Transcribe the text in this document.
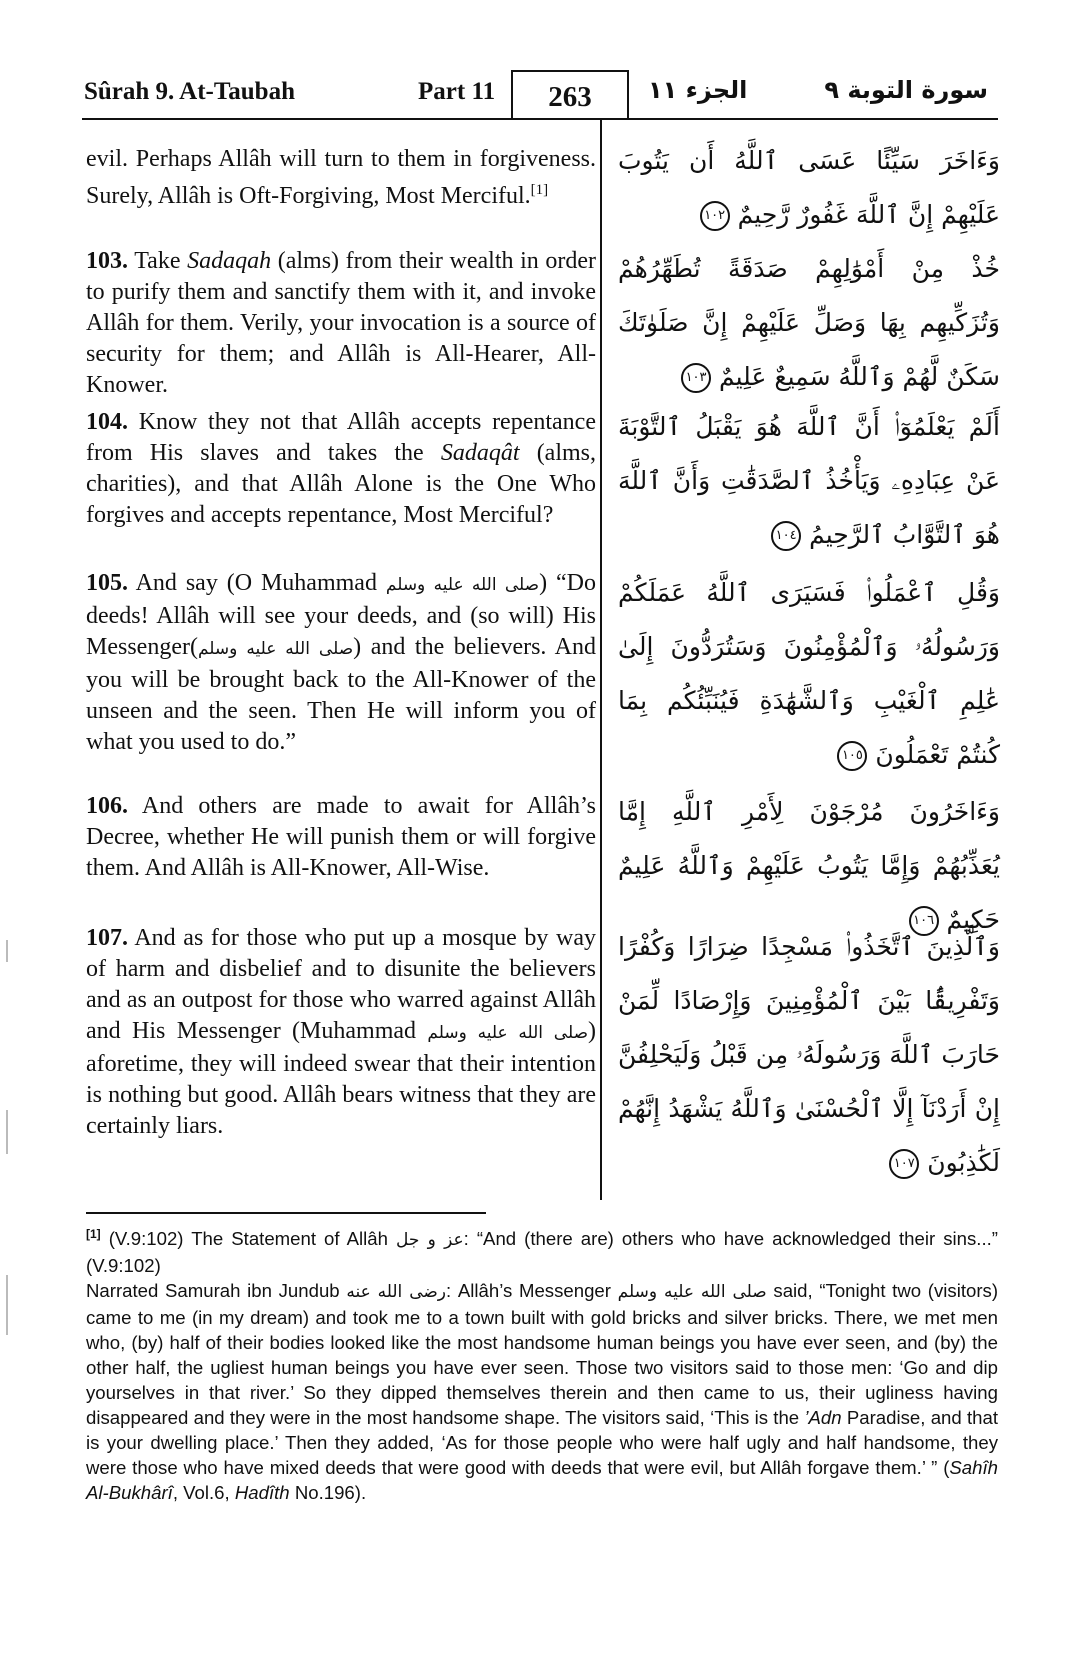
Sûrah 9. At-Taubah	Part 11	263	الجزء ١١	سورة التوبة ٩
evil. Perhaps Allâh will turn to them in forgiveness. Surely, Allâh is Oft-Forgiving, Most Merciful.[1]
103. Take Sadaqah (alms) from their wealth in order to purify them and sanctify them with it, and invoke Allâh for them. Verily, your invocation is a source of security for them; and Allâh is All-Hearer, All-Knower.
104. Know they not that Allâh accepts repentance from His slaves and takes the Sadaqât (alms, charities), and that Allâh Alone is the One Who forgives and accepts repentance, Most Merciful?
105. And say (O Muhammad صلى الله عليه وسلم) “Do deeds! Allâh will see your deeds, and (so will) His Messenger(صلى الله عليه وسلم) and the believers. And you will be brought back to the All-Knower of the unseen and the seen. Then He will inform you of what you used to do.”
106. And others are made to await for Allâh’s Decree, whether He will punish them or will forgive them. And Allâh is All-Knower, All-Wise.
107. And as for those who put up a mosque by way of harm and disbelief and to disunite the believers and as an outpost for those who warred against Allâh and His Messenger (Muhammad صلى الله عليه وسلم) aforetime, they will indeed swear that their intention is nothing but good. Allâh bears witness that they are certainly liars.
وَءَاخَرَ سَيِّئًا عَسَى ٱللَّهُ أَن يَتُوبَ عَلَيْهِمْ إِنَّ ٱللَّهَ غَفُورٌ رَّحِيمٌ ١٠٢
خُذْ مِنْ أَمْوَٰلِهِمْ صَدَقَةً تُطَهِّرُهُمْ وَتُزَكِّيهِم بِهَا وَصَلِّ عَلَيْهِمْ إِنَّ صَلَوٰتَكَ سَكَنٌ لَّهُمْ وَٱللَّهُ سَمِيعٌ عَلِيمٌ ١٠٣
أَلَمْ يَعْلَمُوٓا۟ أَنَّ ٱللَّهَ هُوَ يَقْبَلُ ٱلتَّوْبَةَ عَنْ عِبَادِهِۦ وَيَأْخُذُ ٱلصَّدَقَٰتِ وَأَنَّ ٱللَّهَ هُوَ ٱلتَّوَّابُ ٱلرَّحِيمُ ١٠٤
وَقُلِ ٱعْمَلُوا۟ فَسَيَرَى ٱللَّهُ عَمَلَكُمْ وَرَسُولُهُۥ وَٱلْمُؤْمِنُونَ وَسَتُرَدُّونَ إِلَىٰ عَٰلِمِ ٱلْغَيْبِ وَٱلشَّهَٰدَةِ فَيُنَبِّئُكُم بِمَا كُنتُمْ تَعْمَلُونَ ١٠٥
وَءَاخَرُونَ مُرْجَوْنَ لِأَمْرِ ٱللَّهِ إِمَّا يُعَذِّبُهُمْ وَإِمَّا يَتُوبُ عَلَيْهِمْ وَٱللَّهُ عَلِيمٌ حَكِيمٌ ١٠٦
وَٱلَّذِينَ ٱتَّخَذُوا۟ مَسْجِدًا ضِرَارًا وَكُفْرًا وَتَفْرِيقًۢا بَيْنَ ٱلْمُؤْمِنِينَ وَإِرْصَادًا لِّمَنْ حَارَبَ ٱللَّهَ وَرَسُولَهُۥ مِن قَبْلُ وَلَيَحْلِفُنَّ إِنْ أَرَدْنَآ إِلَّا ٱلْحُسْنَىٰ وَٱللَّهُ يَشْهَدُ إِنَّهُمْ لَكَٰذِبُونَ ١٠٧
[1] (V.9:102) The Statement of Allâh عز و جل: “And (there are) others who have acknowledged their sins...” (V.9:102)
Narrated Samurah ibn Jundub رضى الله عنه: Allâh’s Messenger صلى الله عليه وسلم said, “Tonight two (visitors) came to me (in my dream) and took me to a town built with gold bricks and silver bricks. There, we met men who, (by) half of their bodies looked like the most handsome human beings you have ever seen, and (by) the other half, the ugliest human beings you have ever seen. Those two visitors said to those men: ‘Go and dip yourselves in that river.’ So they dipped themselves therein and then came to us, their ugliness having disappeared and they were in the most handsome shape. The visitors said, ‘This is the ’Adn Paradise, and that is your dwelling place.’ Then they added, ‘As for those people who were half ugly and half handsome, they were those who have mixed deeds that were good with deeds that were evil, but Allâh forgave them.’ ” (Sahîh Al-Bukhârî, Vol.6, Hadîth No.196).
